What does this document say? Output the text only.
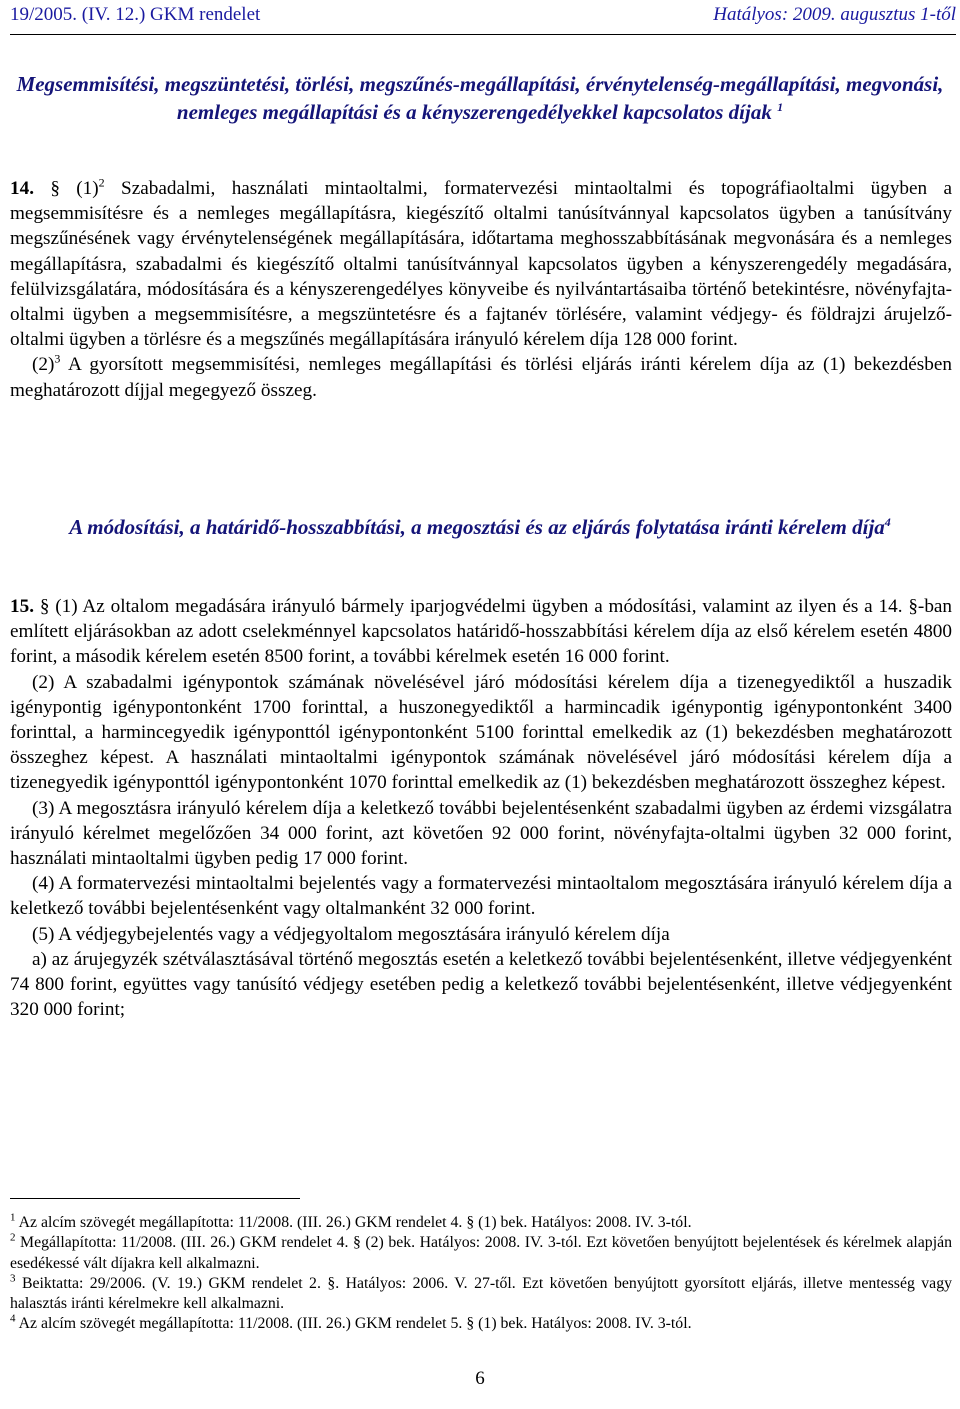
19/2005. (IV. 12.) GKM rendelet	Hatályos: 2009. augusztus 1-től
Megsemmisítési, megszüntetési, törlési, megszűnés-megállapítási, érvénytelenség-megállapítási, megvonási, nemleges megállapítási és a kényszerengedélyekkel kapcsolatos díjak $^1$

14. § $(1)^2$ Szabadalmi, használati mintaoltalmi, formatervezési mintaoltalmi és topográfiaoltalmi ügyben a megsemmisítésre és a nemleges megállapításra, kiegészítő oltalmi tanúsítvánnyal kapcsolatos ügyben a tanúsítvány megszűnésének vagy érvénytelenségének megállapítására, időtartama meghosszabbításának megvonására és a nemleges megállapításra, szabadalmi és kiegészítő oltalmi tanúsítvánnyal kapcsolatos ügyben a kényszerengedély megadására, felülvizsgálatára, módosítására és a kényszerengedélyes könyveibe és nyilvántartásaiba történő betekintésre, növényfajta-oltalmi ügyben a megsemmisítésre, a megszüntetésre és a fajtanév törlésére, valamint védjegy- és földrajzi árujelző-oltalmi ügyben a törlésre és a megszűnés megállapítására irányuló kérelem díja 128 000 forint.

$(2)^3$ A gyorsított megsemmisítési, nemleges megállapítási és törlési eljárás iránti kérelem díja az (1) bekezdésben meghatározott díjjal megegyező összeg.

A módosítási, a határidő-hosszabbítási, a megosztási és az eljárás folytatása iránti kérelem díja$^4$

15. § (1) Az oltalom megadására irányuló bármely iparjogvédelmi ügyben a módosítási, valamint az ilyen és a 14. §-ban említett eljárásokban az adott cselekménnyel kapcsolatos határidő-hosszabbítási kérelem díja az első kérelem esetén 4800 forint, a második kérelem esetén 8500 forint, a további kérelmek esetén 16 000 forint.

(2) A szabadalmi igénypontok számának növelésével járó módosítási kérelem díja a tizenegyediktől a huszadik igénypontig igénypontonként 1700 forinttal, a huszonegyediktől a harmincadik igénypontig igénypontonként 3400 forinttal, a harmincegyedik igényponttól igénypontonként 5100 forinttal emelkedik az (1) bekezdésben meghatározott összeghez képest. A használati mintaoltalmi igénypontok számának növelésével járó módosítási kérelem díja a tizenegyedik igényponttól igénypontonként 1070 forinttal emelkedik az (1) bekezdésben meghatározott összeghez képest.

(3) A megosztásra irányuló kérelem díja a keletkező további bejelentésenként szabadalmi ügyben az érdemi vizsgálatra irányuló kérelmet megelőzően 34 000 forint, azt követően 92 000 forint, növényfajta-oltalmi ügyben 32 000 forint, használati mintaoltalmi ügyben pedig 17 000 forint.

(4) A formatervezési mintaoltalmi bejelentés vagy a formatervezési mintaoltalom megosztására irányuló kérelem díja a keletkező további bejelentésenként vagy oltalmanként 32 000 forint.

(5) A védjegybejelentés vagy a védjegyoltalom megosztására irányuló kérelem díja

a) az árujegyzék szétválasztásával történő megosztás esetén a keletkező további bejelentésenként, illetve védjegyenként 74 800 forint, együttes vagy tanúsító védjegy esetében pedig a keletkező további bejelentésenként, illetve védjegyenként 320 000 forint;

$^1$ Az alcím szövegét megállapította: 11/2008. (III. 26.) GKM rendelet 4. § (1) bek. Hatályos: 2008. IV. 3-tól.

$^2$ Megállapította: 11/2008. (III. 26.) GKM rendelet 4. § (2) bek. Hatályos: 2008. IV. 3-tól. Ezt követően benyújtott bejelentések és kérelmek alapján esedékessé vált díjakra kell alkalmazni.

$^3$ Beiktatta: 29/2006. (V. 19.) GKM rendelet 2. §. Hatályos: 2006. V. 27-től. Ezt követően benyújtott gyorsított eljárás, illetve mentesség vagy halasztás iránti kérelmekre kell alkalmazni.

$^4$ Az alcím szövegét megállapította: 11/2008. (III. 26.) GKM rendelet 5. § (1) bek. Hatályos: 2008. IV. 3-tól.

6
